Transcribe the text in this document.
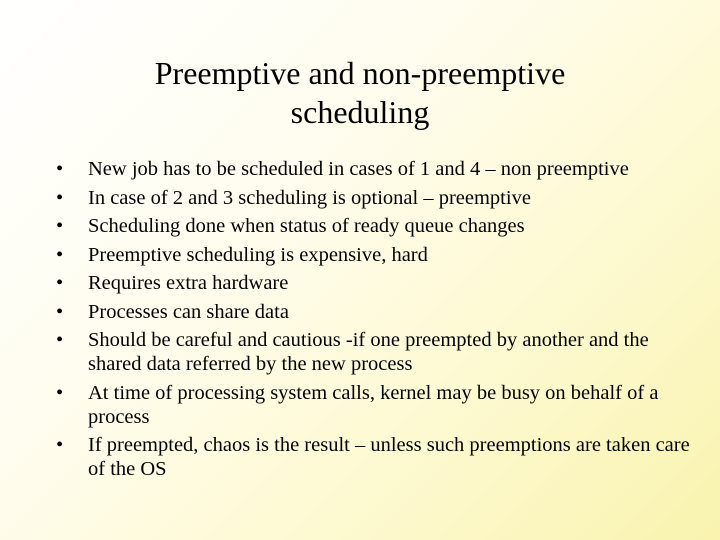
Preemptive and non-preemptive
scheduling
•	New job has to be scheduled in cases of 1 and 4 – non preemptive
•	In case of 2 and 3 scheduling is optional – preemptive
•	Scheduling done when status of ready queue changes
•	Preemptive scheduling is expensive, hard
•	Requires extra hardware
•	Processes can share data
•	Should be careful and cautious -if one preempted by another and the shared data referred by the new process
•	At time of processing system calls, kernel may be busy on behalf of a process
•	If preempted, chaos is the result – unless such preemptions are taken care of the OS
